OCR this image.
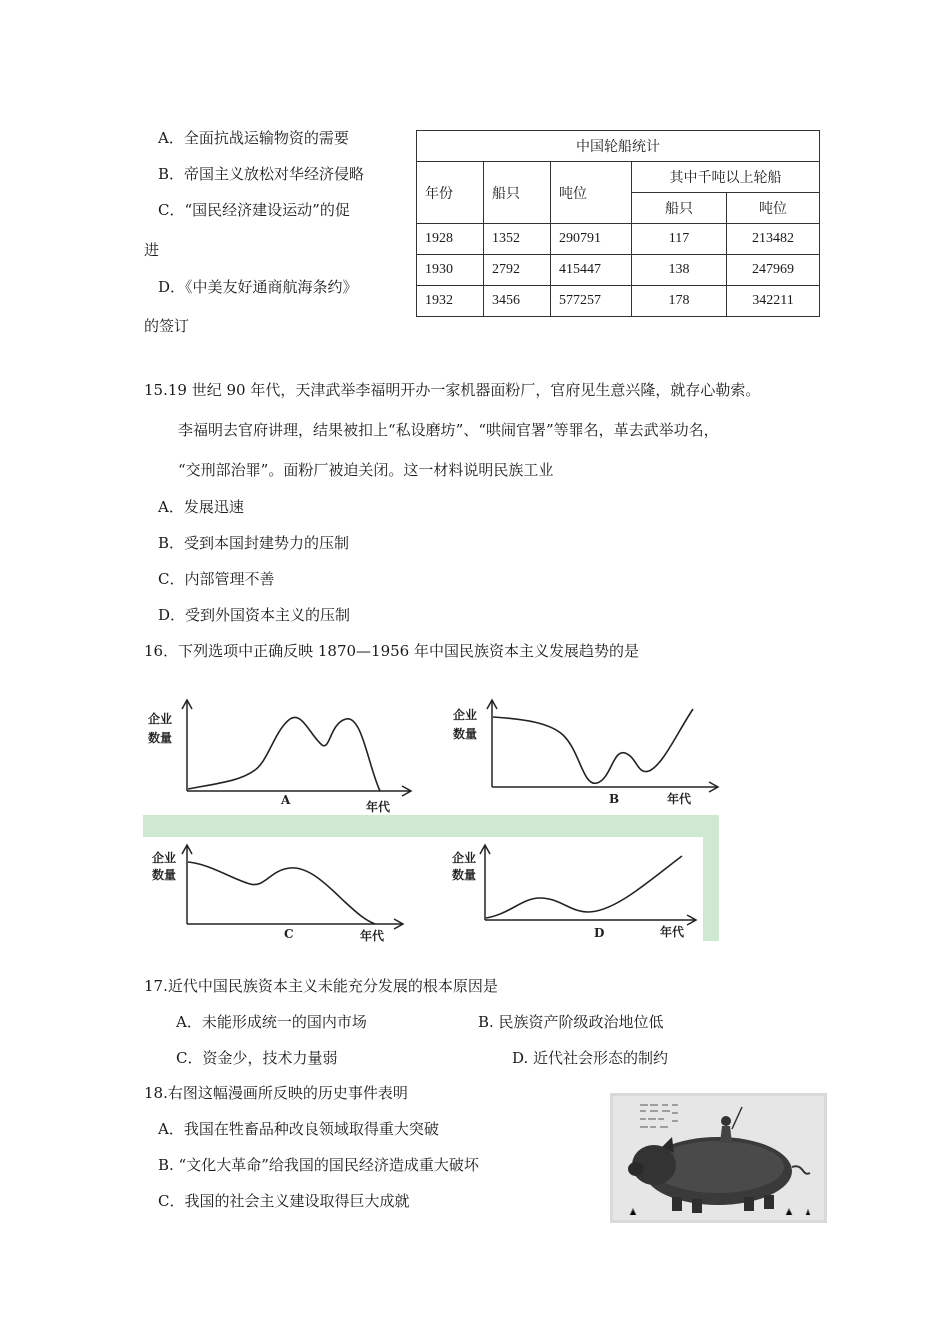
A．全面抗战运输物资的需要
B．帝国主义放松对华经济侵略
C．“国民经济建设运动”的促
进
D．《中美友好通商航海条约》
的签订
中国轮船统计				
年份	船只	吨位	其中千吨以上轮船	
			船只	吨位
1928	1352	290791	117	213482
1930	2792	415447	138	247969
1932	3456	577257	178	342211
15.19 世纪 90 年代，天津武举李福明开办一家机器面粉厂，官府见生意兴隆，就存心勒索。
李福明去官府讲理，结果被扣上“私设磨坊”、“哄闹官署”等罪名，革去武举功名，
“交刑部治罪”。面粉厂被迫关闭。这一材料说明民族工业
A．发展迅速
B．受到本国封建势力的压制
C．内部管理不善
D．受到外国资本主义的压制
16．下列选项中正确反映 1870—1956 年中国民族资本主义发展趋势的是
企业
数量
A	年代
企业
数量
B	年代
企业
数量
C	年代
企业
数量
D	年代
17.近代中国民族资本主义未能充分发展的根本原因是
A．未能形成统一的国内市场	B. 民族资产阶级政治地位低
C．资金少，技术力量弱	D. 近代社会形态的制约
18.右图这幅漫画所反映的历史事件表明
A．我国在牲畜品种改良领域取得重大突破
B. “文化大革命”给我国的国民经济造成重大破坏
C．我国的社会主义建设取得巨大成就
